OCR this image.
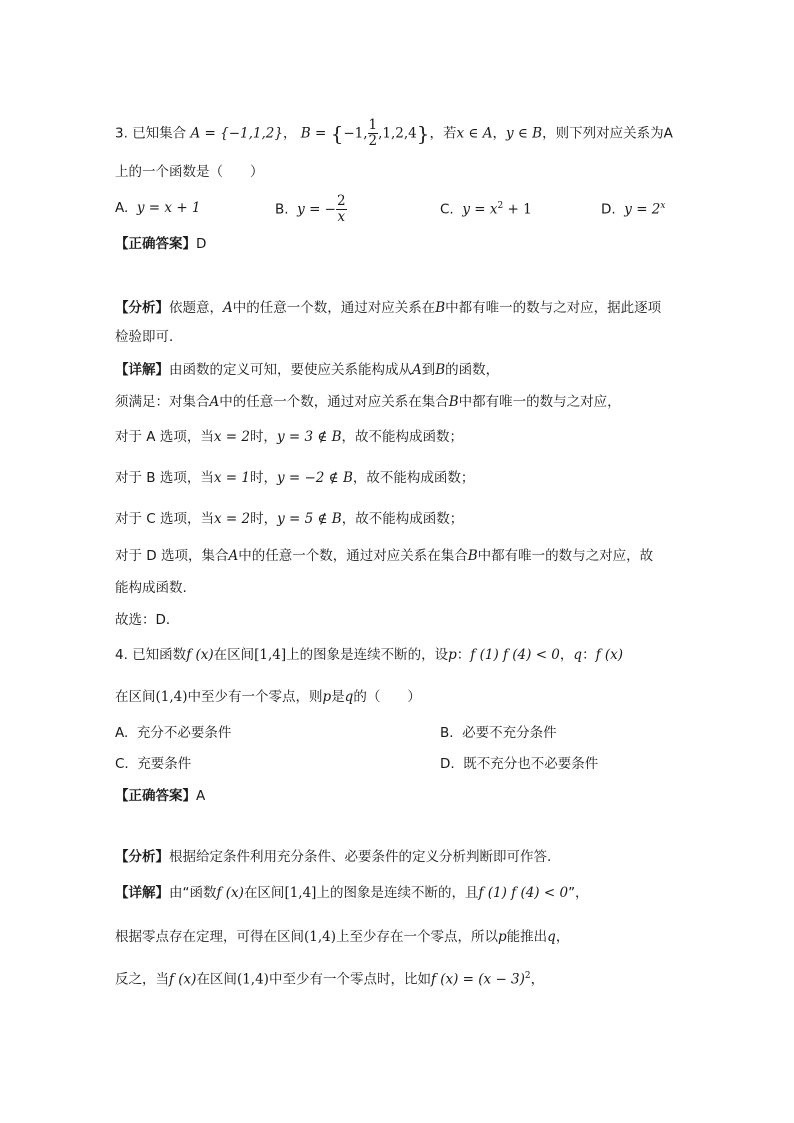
3. 已知集合 A = {−1,1,2}， B = {−1, $\frac{1}{2} ,1,2,4$}，若x ∈ A，y ∈ B，则下列对应关系为A
上的一个函数是（　　）
A. y = x + 1	B. y = − $\frac{2}{x}$	C. $y = x^2 + 1$	D. $y = 2^x$
【正确答案】D
【分析】依题意，A中的任意一个数，通过对应关系在B中都有唯一的数与之对应，据此逐项
检验即可．
【详解】由函数的定义可知，要使应关系能构成从A到B的函数，
须满足：对集合A中的任意一个数，通过对应关系在集合B中都有唯一的数与之对应，
对于 A 选项，当x = 2时，y = 3 ∉ B，故不能构成函数；
对于 B 选项，当x = 1时，y = −2 ∉ B，故不能构成函数；
对于 C 选项，当x = 2时，y = 5 ∉ B，故不能构成函数；
对于 D 选项，集合A中的任意一个数，通过对应关系在集合B中都有唯一的数与之对应，故
能构成函数.
故选：D．
4. 已知函数f (x)在区间[1,4]上的图象是连续不断的，设p：f (1) f (4) < 0，q：f (x)
在区间(1,4)中至少有一个零点，则p是q的（　　）
A. 充分不必要条件	B. 必要不充分条件
C. 充要条件	D. 既不充分也不必要条件
【正确答案】A
【分析】根据给定条件利用充分条件、必要条件的定义分析判断即可作答.
【详解】由“函数f (x)在区间[1,4]上的图象是连续不断的，且f (1) f (4) < 0”，
根据零点存在定理，可得在区间(1,4)上至少存在一个零点，所以p能推出q，
反之，当f (x)在区间(1,4)中至少有一个零点时，比如f $(x) = (x - 3)^2$，
